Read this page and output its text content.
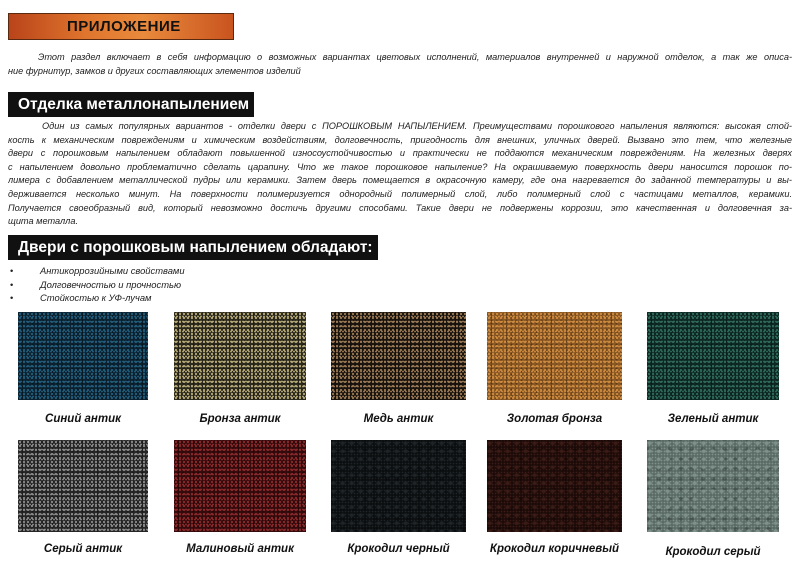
ПРИЛОЖЕНИЕ
Этот раздел включает в себя информацию о возможных вариантах цветовых исполнений, материалов внутренней и наружной отделок, а так же описа-
ние фурнитур, замков и других составляющих элементов изделий
Отделка металлонапылением
Один из самых популярных вариантов - отделки двери с ПОРОШКОВЫМ НАПЫЛЕНИЕМ. Преимуществами порошкового напыления являются: высокая стой-
кость к механическим повреждениям и химическим воздействиям, долговечность, пригодность для внешних, уличных дверей. Вызвано это тем, что железные
двери с порошковым напылением обладают повышенной износоустойчивостью и практически не поддаются механическим повреждениям. На железных дверях
с напылением довольно проблематично сделать царапину. Что же такое порошковое напыление? На окрашиваемую поверхность двери наносится порошок по-
лимера с добавлением металлической пудры или керамики. Затем дверь помещается в окрасочную камеру, где она нагревается до заданной температуры и вы-
держивается несколько минут. На поверхности полимеризуется однородный полимерный слой, либо полимерный слой с частицами металлов, керамики.
Получается своеобразный вид, который невозможно достичь другими способами. Такие двери не подвержены коррозии, это качественная и долговечная за-
щита металла.
Двери с порошковым напылением обладают:
•	Антикоррозийными свойствами
•	Долговечностью и прочностью
•	Стойкостью к УФ-лучам
Синий антик	Бронза антик	Медь антик	Золотая бронза	Зеленый антик
Серый антик	Малиновый антик	Крокодил черный	Крокодил коричневый	Крокодил серый
